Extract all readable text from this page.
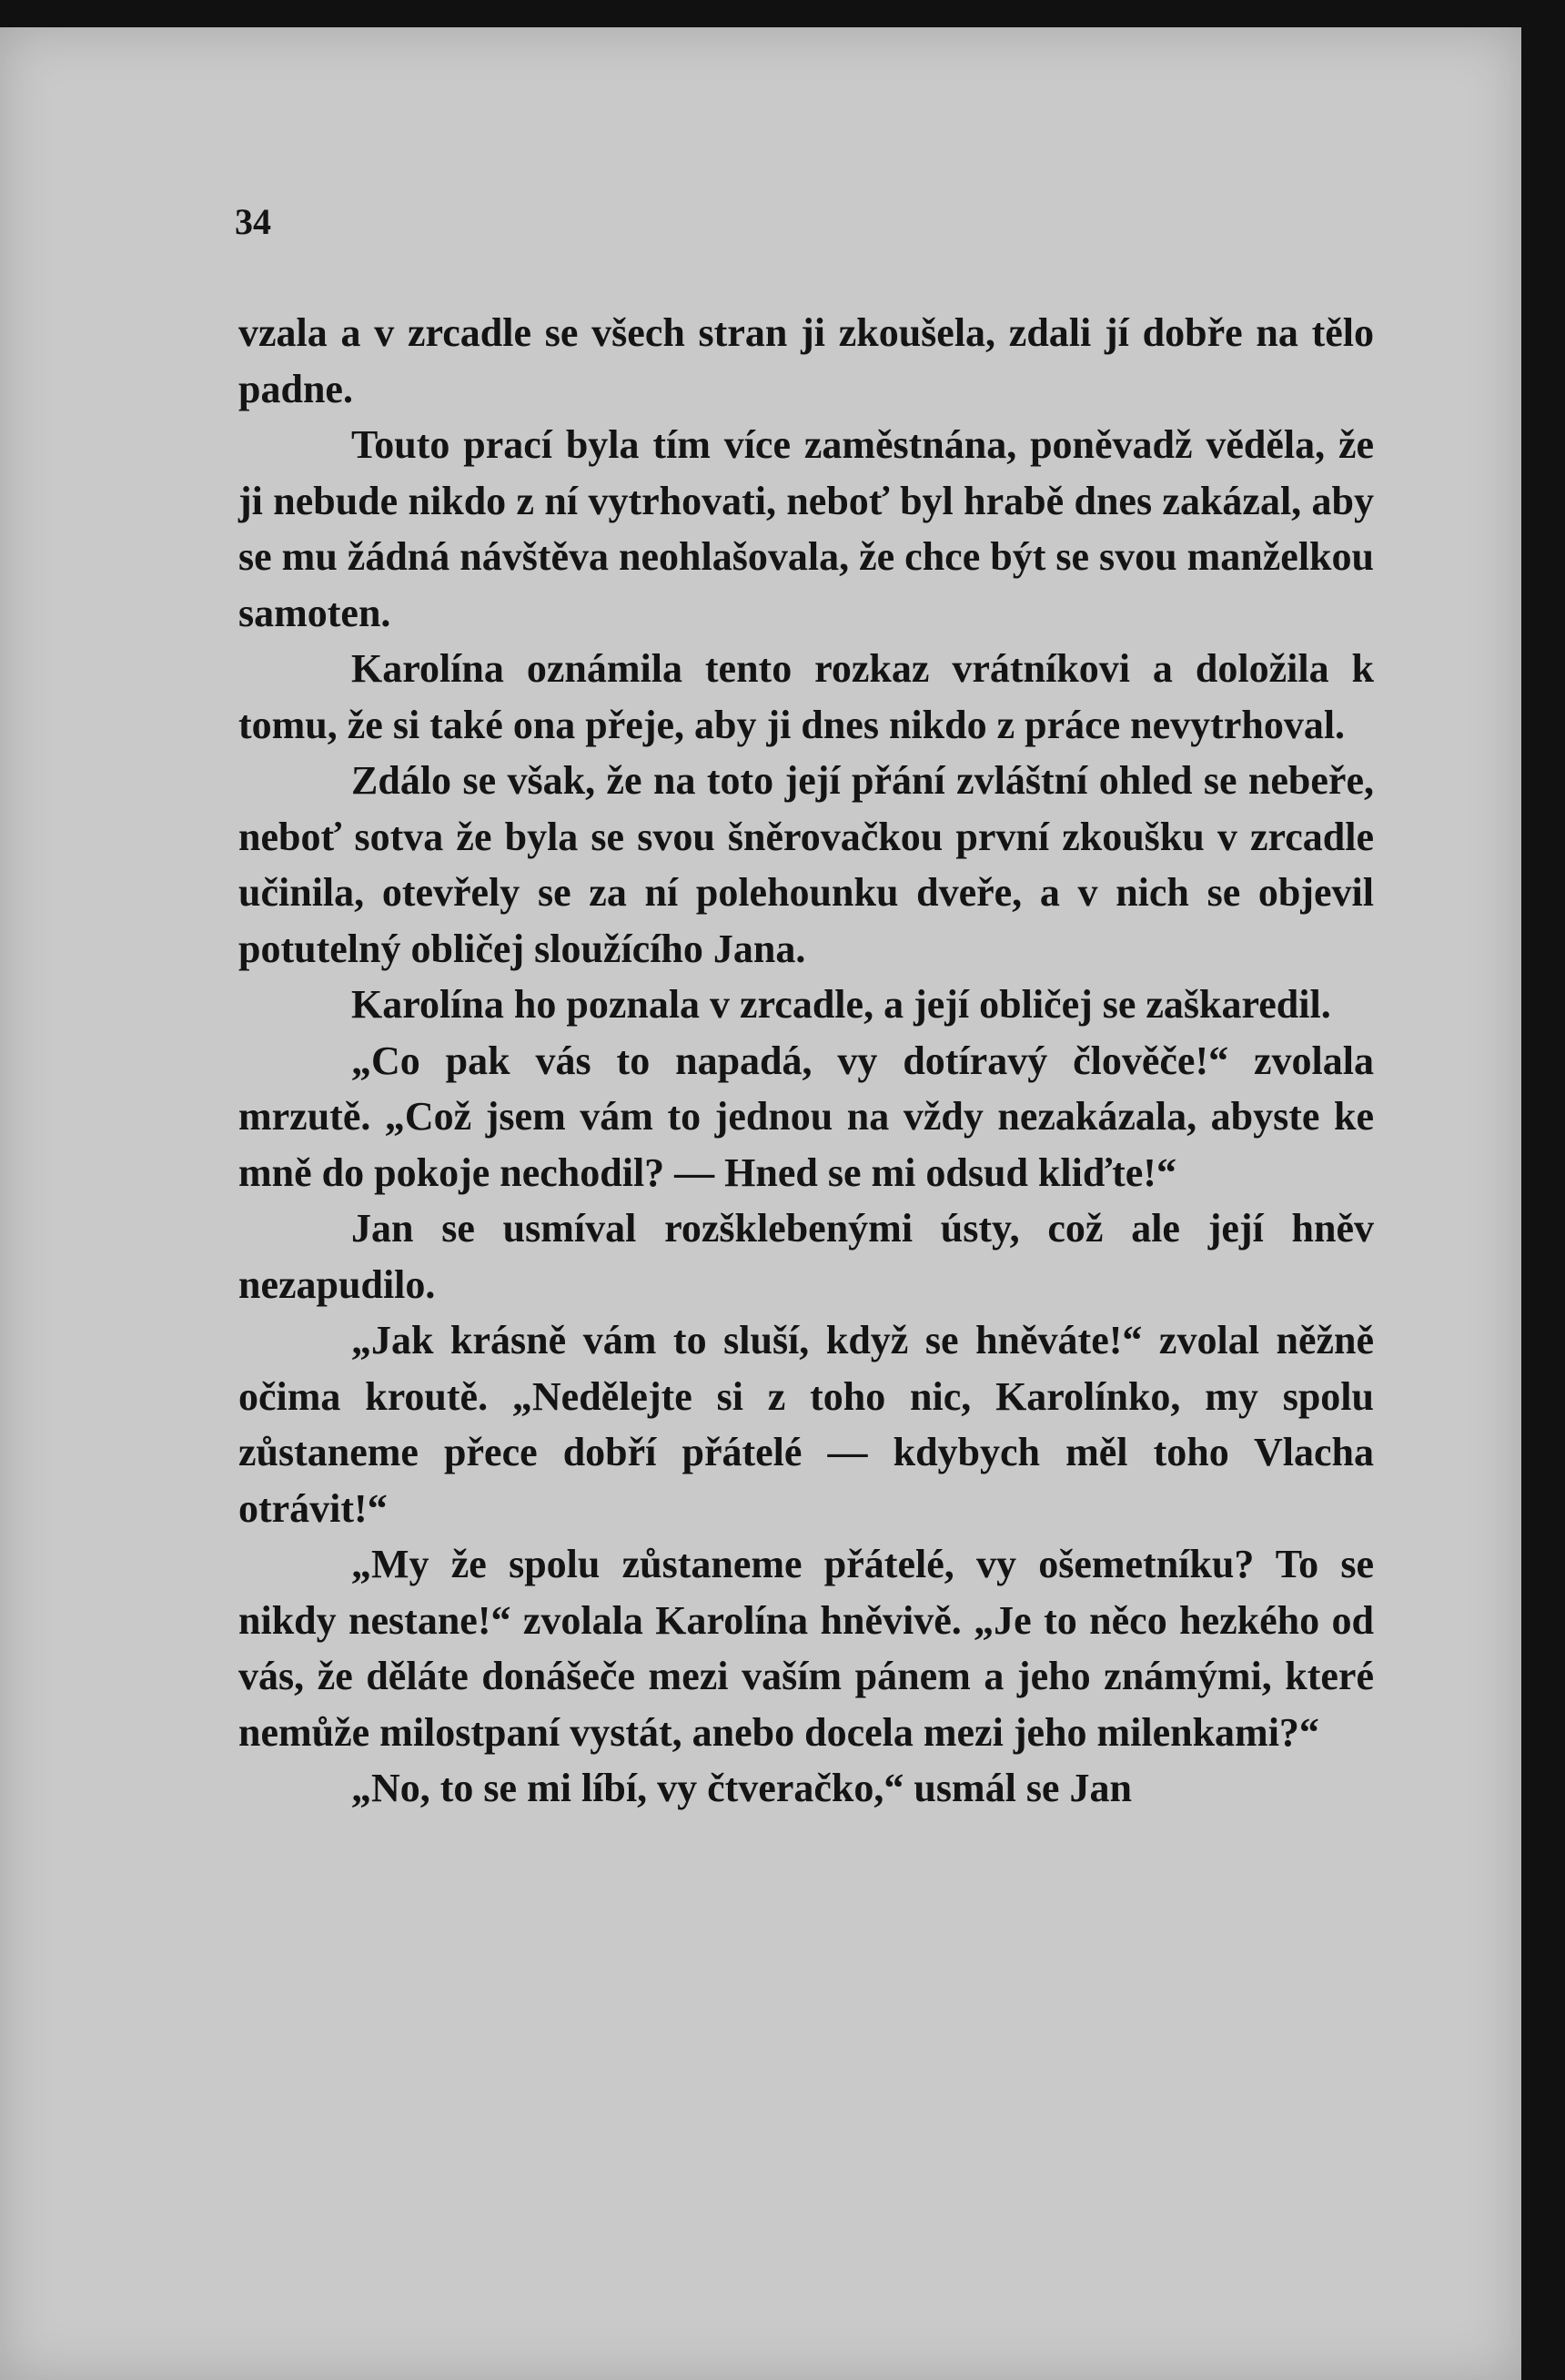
34

vzala a v zrcadle se všech stran ji zkoušela, zdali jí dobře na tělo padne.

Touto prací byla tím více zaměstnána, poněvadž věděla, že ji nebude nikdo z ní vytrhovati, neboť byl hrabě dnes zakázal, aby se mu žádná návštěva neohlašovala, že chce být se svou manželkou samoten.

Karolína oznámila tento rozkaz vrátníkovi a doložila k tomu, že si také ona přeje, aby ji dnes nikdo z práce nevytrhoval.

Zdálo se však, že na toto její přání zvláštní ohled se nebeře, neboť sotva že byla se svou šněrovačkou první zkoušku v zrcadle učinila, otevřely se za ní polehounku dveře, a v nich se objevil potutelný obličej sloužícího Jana.

Karolína ho poznala v zrcadle, a její obličej se zaškaredil.

„Co pak vás to napadá, vy dotíravý člověče!“ zvolala mrzutě. „Což jsem vám to jednou na vždy nezakázala, abyste ke mně do pokoje nechodil? — Hned se mi odsud kliďte!“

Jan se usmíval rozšklebenými ústy, což ale její hněv nezapudilo.

„Jak krásně vám to sluší, když se hněváte!“ zvolal něžně očima kroutě. „Nedělejte si z toho nic, Karolínko, my spolu zůstaneme přece dobří přátelé — kdybych měl toho Vlacha otrávit!“

„My že spolu zůstaneme přátelé, vy ošemetníku? To se nikdy nestane!“ zvolala Karolína hněvivě. „Je to něco hezkého od vás, že děláte donášeče mezi vaším pánem a jeho známými, které nemůže milostpaní vystát, anebo docela mezi jeho milenkami?“

„No, to se mi líbí, vy čtveračko,“ usmál se Jan
